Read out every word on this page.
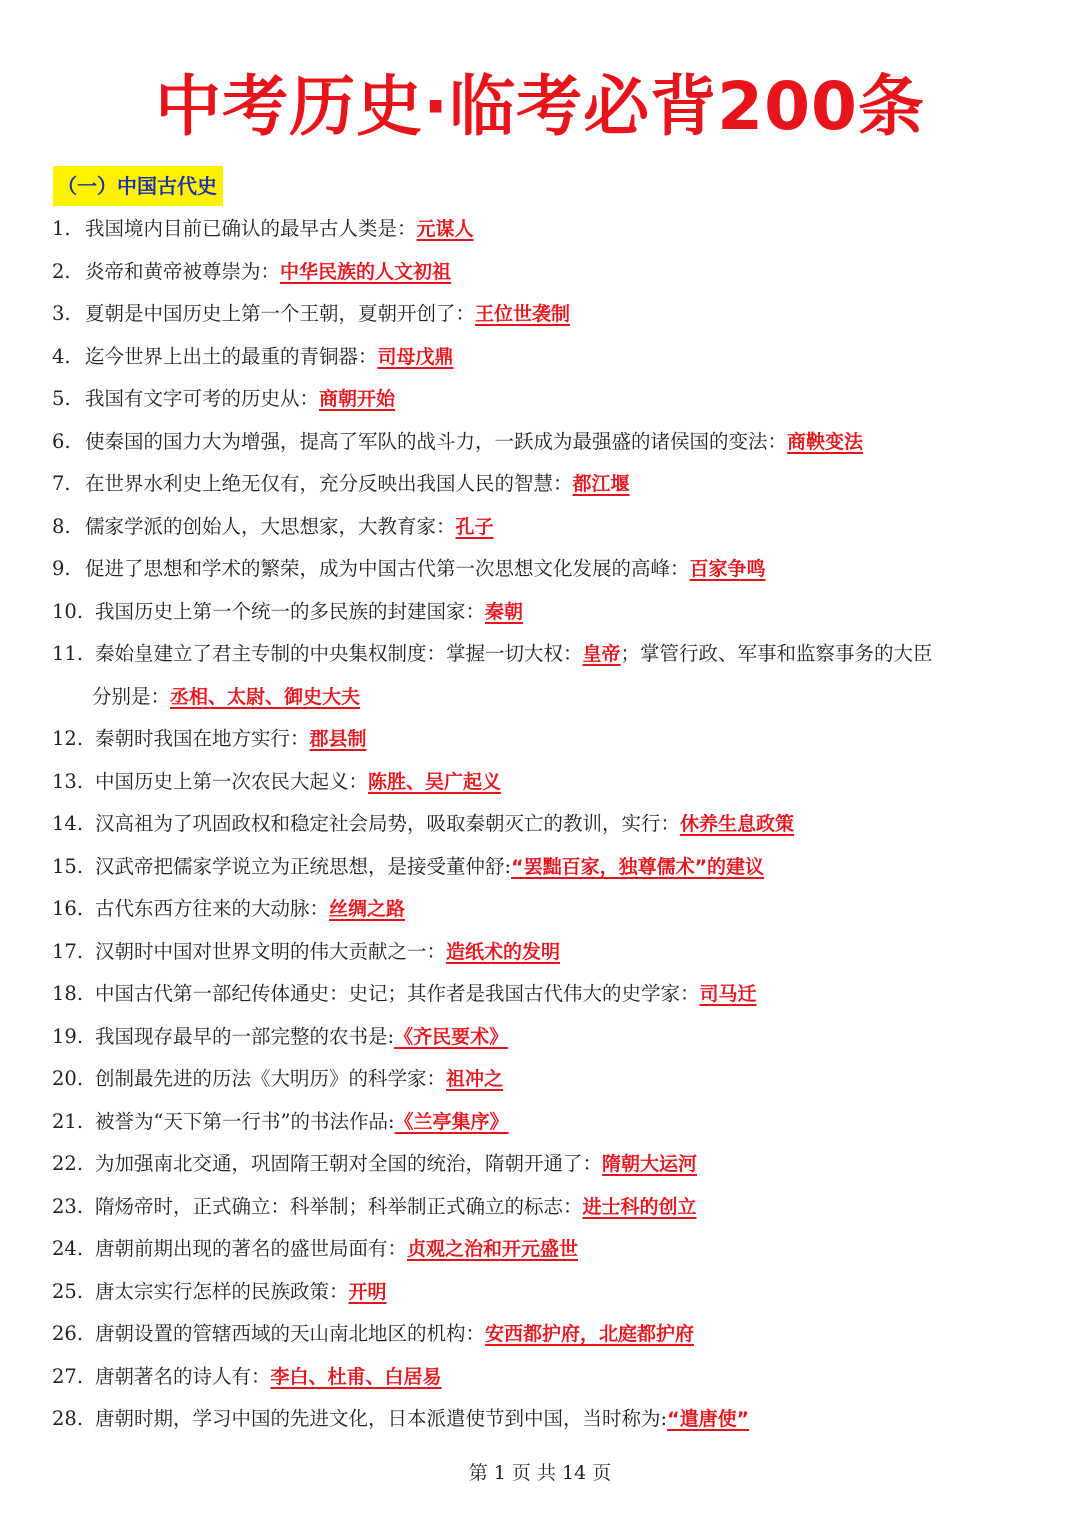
中考历史·临考必背200条
（一）中国古代史
1. 我国境内目前已确认的最早古人类是：元谋人
2. 炎帝和黄帝被尊崇为：中华民族的人文初祖
3. 夏朝是中国历史上第一个王朝，夏朝开创了：王位世袭制
4. 迄今世界上出土的最重的青铜器：司母戊鼎
5. 我国有文字可考的历史从：商朝开始
6. 使秦国的国力大为增强，提高了军队的战斗力，一跃成为最强盛的诸侯国的变法：商鞅变法
7. 在世界水利史上绝无仅有，充分反映出我国人民的智慧：都江堰
8. 儒家学派的创始人，大思想家，大教育家：孔子
9. 促进了思想和学术的繁荣，成为中国古代第一次思想文化发展的高峰：百家争鸣
10. 我国历史上第一个统一的多民族的封建国家：秦朝
11. 秦始皇建立了君主专制的中央集权制度：掌握一切大权：皇帝；掌管行政、军事和监察事务的大臣
分别是：丞相、太尉、御史大夫
12. 秦朝时我国在地方实行：郡县制
13. 中国历史上第一次农民大起义：陈胜、吴广起义
14. 汉高祖为了巩固政权和稳定社会局势，吸取秦朝灭亡的教训，实行：休养生息政策
15. 汉武帝把儒家学说立为正统思想，是接受董仲舒:“罢黜百家，独尊儒术”的建议
16. 古代东西方往来的大动脉：丝绸之路
17. 汉朝时中国对世界文明的伟大贡献之一：造纸术的发明
18. 中国古代第一部纪传体通史：史记；其作者是我国古代伟大的史学家：司马迁
19. 我国现存最早的一部完整的农书是:《齐民要术》
20. 创制最先进的历法《大明历》的科学家：祖冲之
21. 被誉为“天下第一行书”的书法作品:《兰亭集序》
22. 为加强南北交通，巩固隋王朝对全国的统治，隋朝开通了：隋朝大运河
23. 隋炀帝时，正式确立：科举制；科举制正式确立的标志：进士科的创立
24. 唐朝前期出现的著名的盛世局面有：贞观之治和开元盛世
25. 唐太宗实行怎样的民族政策：开明
26. 唐朝设置的管辖西域的天山南北地区的机构：安西都护府，北庭都护府
27. 唐朝著名的诗人有：李白、杜甫、白居易
28. 唐朝时期，学习中国的先进文化，日本派遣使节到中国，当时称为:“遣唐使”
第 1 页 共 14 页
